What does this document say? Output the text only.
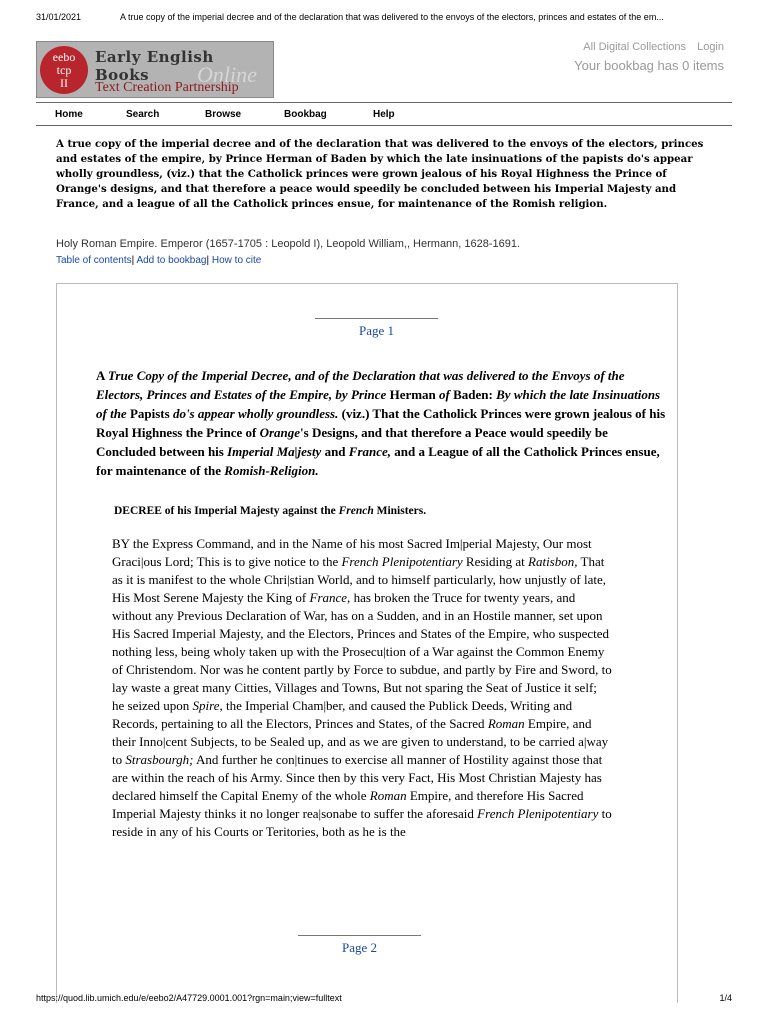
31/01/2021	A true copy of the imperial decree and of the declaration that was delivered to the envoys of the electors, princes and estates of the em...
eebo
tcp
II
Early English Books	Online
Text Creation Partnership
All Digital Collections Login
Your bookbag has 0 items
Home	Search	Browse	Bookbag	Help
A true copy of the imperial decree and of the declaration that was delivered to the envoys of the electors, princes and estates of the empire, by Prince Herman of Baden by which the late insinuations of the papists do's appear wholly groundless, (viz.) that the Catholick princes were grown jealous of his Royal Highness the Prince of Orange's designs, and that therefore a peace would speedily be concluded between his Imperial Majesty and France, and a league of all the Catholick princes ensue, for maintenance of the Romish religion.
Holy Roman Empire. Emperor (1657-1705 : Leopold I), Leopold William,, Hermann, 1628-1691.
Table of contents| Add to bookbag| How to cite
Page 1
A True Copy of the Imperial Decree, and of the Declaration that was delivered to the Envoys of the Electors, Princes and Estates of the Empire, by Prince Herman of Baden: By which the late Insinuations of the Papists do's appear wholly groundless. (viz.) That the Catholick Princes were grown jealous of his Royal Highness the Prince of Orange's Designs, and that therefore a Peace would speedily be Concluded between his Imperial Ma|jesty and France, and a League of all the Catholick Princes ensue, for maintenance of the Romish-Religion.
DECREE of his Imperial Majesty against the French Ministers.
BY the Express Command, and in the Name of his most Sacred Im|perial Majesty, Our most Graci|ous Lord; This is to give notice to the French Plenipotentiary Residing at Ratisbon, That as it is manifest to the whole Chri|stian World, and to himself particularly, how unjustly of late, His Most Serene Majesty the King of France, has broken the Truce for twenty years, and without any Previous Declaration of War, has on a Sudden, and in an Hostile manner, set upon His Sacred Imperial Majesty, and the Electors, Princes and States of the Empire, who suspected nothing less, being wholy taken up with the Prosecu|tion of a War against the Common Enemy of Christendom. Nor was he content partly by Force to subdue, and partly by Fire and Sword, to lay waste a great many Citties, Villages and Towns, But not sparing the Seat of Justice it self; he seized upon Spire, the Imperial Cham|ber, and caused the Publick Deeds, Writing and Records, pertaining to all the Electors, Princes and States, of the Sacred Roman Empire, and their Inno|cent Subjects, to be Sealed up, and as we are given to understand, to be carried a|way to Strasbourgh; And further he con|tinues to exercise all manner of Hostility against those that are within the reach of his Army. Since then by this very Fact, His Most Christian Majesty has declared himself the Capital Enemy of the whole Roman Empire, and therefore His Sacred Imperial Majesty thinks it no longer rea|sonabe to suffer the aforesaid French Plenipotentiary to reside in any of his Courts or Teritories, both as he is the
Page 2
https://quod.lib.umich.edu/e/eebo2/A47729.0001.001?rgn=main;view=fulltext	1/4
